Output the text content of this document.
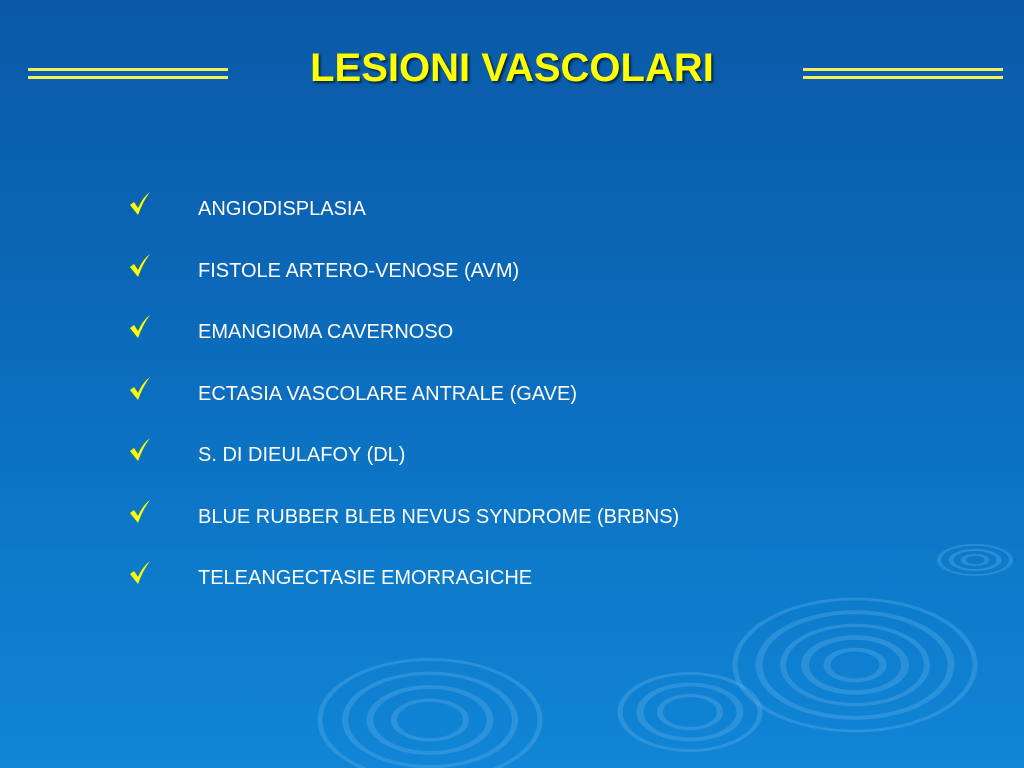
LESIONI VASCOLARI
ANGIODISPLASIA
FISTOLE ARTERO-VENOSE (AVM)
EMANGIOMA CAVERNOSO
ECTASIA VASCOLARE ANTRALE (GAVE)
S. DI DIEULAFOY (DL)
BLUE RUBBER BLEB NEVUS SYNDROME (BRBNS)
TELEANGECTASIE EMORRAGICHE
